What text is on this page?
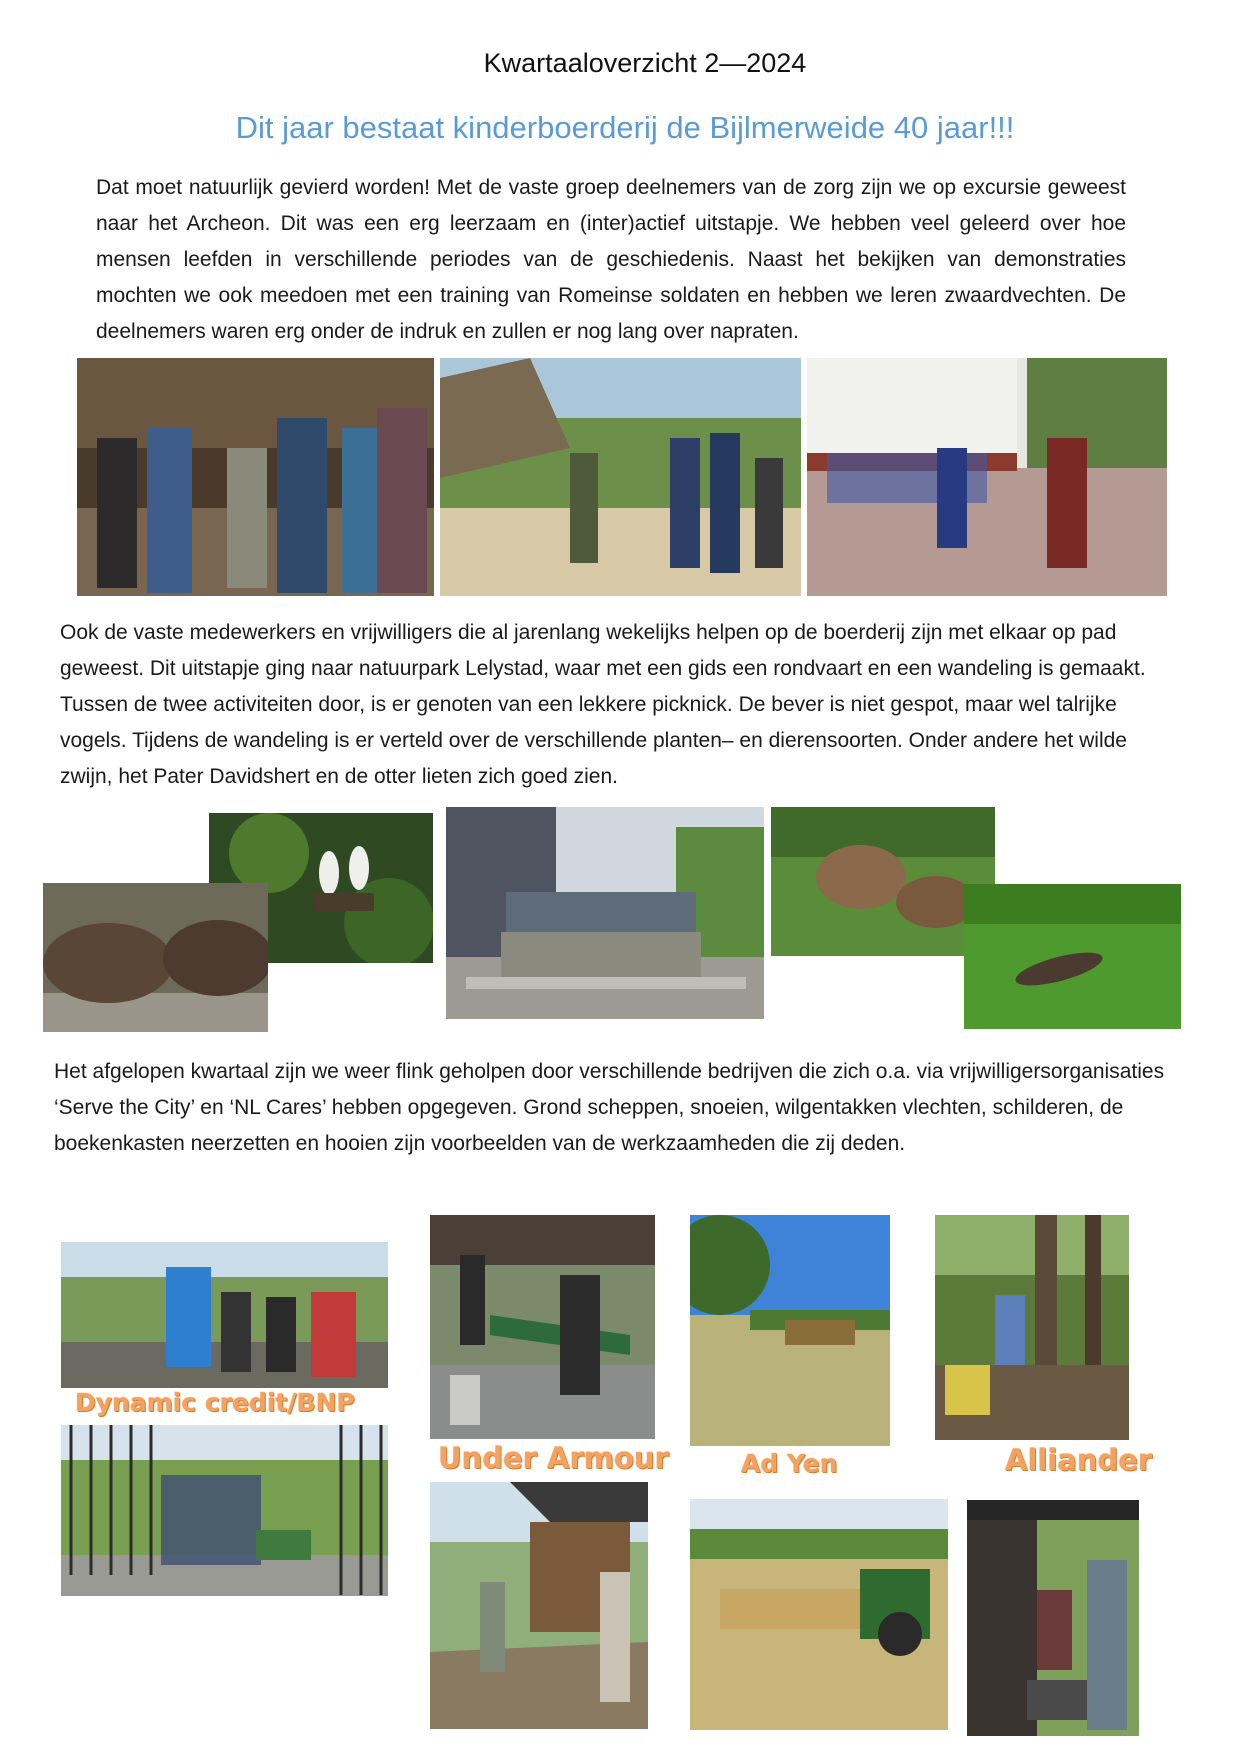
Kwartaaloverzicht 2—2024
Dit jaar bestaat kinderboerderij de Bijlmerweide 40 jaar!!!

Dat moet natuurlijk gevierd worden! Met de vaste groep deelnemers van de zorg zijn we op excursie geweest naar het Archeon. Dit was een erg leerzaam en (inter)actief uitstapje. We hebben veel geleerd over hoe mensen leefden in verschillende periodes van de geschiedenis. Naast het bekijken van demonstraties mochten we ook meedoen met een training van Romeinse soldaten en hebben we leren zwaardvechten. De deelnemers waren erg onder de indruk en zullen er nog lang over napraten.

Ook de vaste medewerkers en vrijwilligers die al jarenlang wekelijks helpen op de boerderij zijn met elkaar op pad geweest. Dit uitstapje ging naar natuurpark Lelystad, waar met een gids een rondvaart en een wandeling is gemaakt. Tussen de twee activiteiten door, is er genoten van een lekkere picknick. De bever is niet gespot, maar wel talrijke vogels. Tijdens de wandeling is er verteld over de verschillende planten– en dierensoorten. Onder andere het wilde zwijn, het Pater Davidshert en de otter lieten zich goed zien.

Het afgelopen kwartaal zijn we weer flink geholpen door verschillende bedrijven die zich o.a. via vrijwilligersorganisaties ‘Serve the City’ en ‘NL Cares’ hebben opgegeven. Grond scheppen, snoeien, wilgentakken vlechten, schilderen, de boekenkasten neerzetten en hooien zijn voorbeelden van de werkzaamheden die zij deden.

Dynamic credit/BNP
Under Armour	Ad Yen	Alliander
